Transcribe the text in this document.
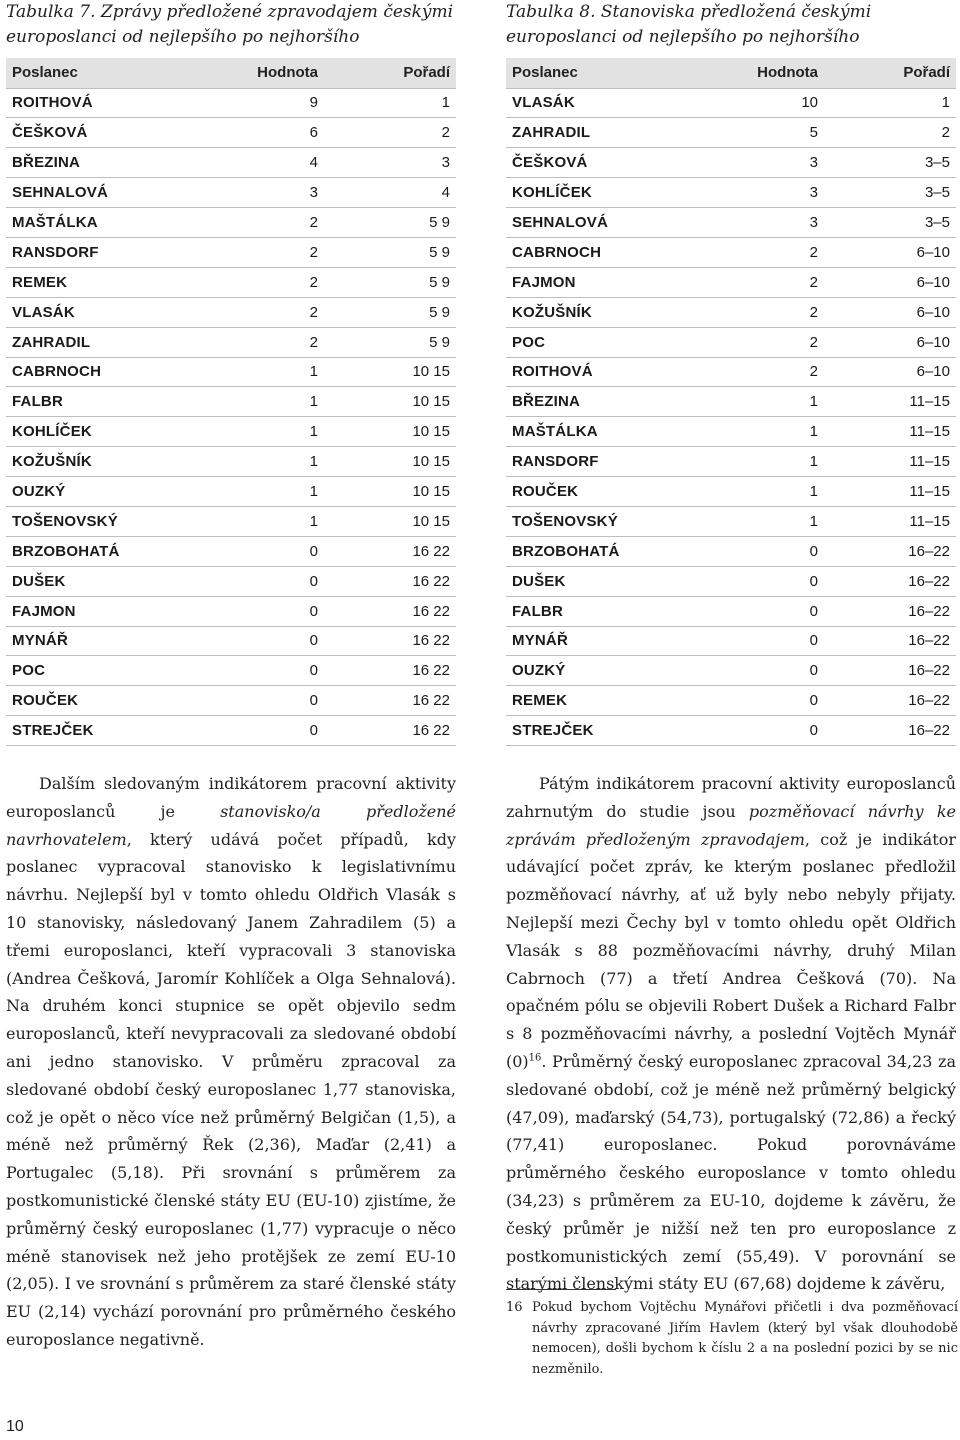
Tabulka 7. Zprávy předložené zpravodajem českými europoslanci od nejlepšího po nejhoršího

Poslanec	Hodnota	Pořadí
ROITHOVÁ	9	1
ČEŠKOVÁ	6	2
BŘEZINA	4	3
SEHNALOVÁ	3	4
MAŠTÁLKA	2	5 9
RANSDORF	2	5 9
REMEK	2	5 9
VLASÁK	2	5 9
ZAHRADIL	2	5 9
CABRNOCH	1	10 15
FALBR	1	10 15
KOHLÍČEK	1	10 15
KOŽUŠNÍK	1	10 15
OUZKÝ	1	10 15
TOŠENOVSKÝ	1	10 15
BRZOBOHATÁ	0	16 22
DUŠEK	0	16 22
FAJMON	0	16 22
MYNÁŘ	0	16 22
POC	0	16 22
ROUČEK	0	16 22
STREJČEK	0	16 22

Tabulka 8. Stanoviska předložená českými europoslanci od nejlepšího po nejhoršího

Poslanec	Hodnota	Pořadí
VLASÁK	10	1
ZAHRADIL	5	2
ČEŠKOVÁ	3	3–5
KOHLÍČEK	3	3–5
SEHNALOVÁ	3	3–5
CABRNOCH	2	6–10
FAJMON	2	6–10
KOŽUŠNÍK	2	6–10
POC	2	6–10
ROITHOVÁ	2	6–10
BŘEZINA	1	11–15
MAŠTÁLKA	1	11–15
RANSDORF	1	11–15
ROUČEK	1	11–15
TOŠENOVSKÝ	1	11–15
BRZOBOHATÁ	0	16–22
DUŠEK	0	16–22
FALBR	0	16–22
MYNÁŘ	0	16–22
OUZKÝ	0	16–22
REMEK	0	16–22
STREJČEK	0	16–22

Dalším sledovaným indikátorem pracovní aktivity europoslanců je stanovisko/a předložené navrhovatelem, který udává počet případů, kdy poslanec vypracoval stanovisko k legislativnímu návrhu. Nejlepší byl v tomto ohledu Oldřich Vlasák s 10 stanovisky, následovaný Janem Zahradilem (5) a třemi europoslanci, kteří vypracovali 3 stanoviska (Andrea Češková, Jaromír Kohlíček a Olga Sehnalová). Na druhém konci stupnice se opět objevilo sedm europoslanců, kteří nevypracovali za sledované období ani jedno stanovisko. V průměru zpracoval za sledované období český europoslanec 1,77 stanoviska, což je opět o něco více než průměrný Belgičan (1,5), a méně než průměrný Řek (2,36), Maďar (2,41) a Portugalec (5,18). Při srovnání s průměrem za postkomunistické členské státy EU (EU-10) zjistíme, že průměrný český europoslanec (1,77) vypracuje o něco méně stanovisek než jeho protějšek ze zemí EU-10 (2,05). I ve srovnání s průměrem za staré členské státy EU (2,14) vychází porovnání pro průměrného českého europoslance negativně.

Pátým indikátorem pracovní aktivity europoslanců zahrnutým do studie jsou pozměňovací návrhy ke zprávám předloženým zpravodajem, což je indikátor udávající počet zpráv, ke kterým poslanec předložil pozměňovací návrhy, ať už byly nebo nebyly přijaty. Nejlepší mezi Čechy byl v tomto ohledu opět Oldřich Vlasák s 88 pozměňovacími návrhy, druhý Milan Cabrnoch (77) a třetí Andrea Češková (70). Na opačném pólu se objevili Robert Dušek a Richard Falbr s 8 pozměňovacími návrhy, a poslední Vojtěch Mynář $(0)^{16}$. Průměrný český europoslanec zpracoval 34,23 za sledované období, což je méně než průměrný belgický (47,09), maďarský (54,73), portugalský (72,86) a řecký (77,41) europoslanec. Pokud porovnáváme průměrného českého europoslance v tomto ohledu (34,23) s průměrem za EU-10, dojdeme k závěru, že český průměr je nižší než ten pro europoslance z postkomunistických zemí (55,49). V porovnání se starými členskými státy EU (67,68) dojdeme k závěru,

16 Pokud bychom Vojtěchu Mynářovi přičetli i dva pozměňovací návrhy zpracované Jiřím Havlem (který byl však dlouhodobě nemocen), došli bychom k číslu 2 a na poslední pozici by se nic nezměnilo.
10
